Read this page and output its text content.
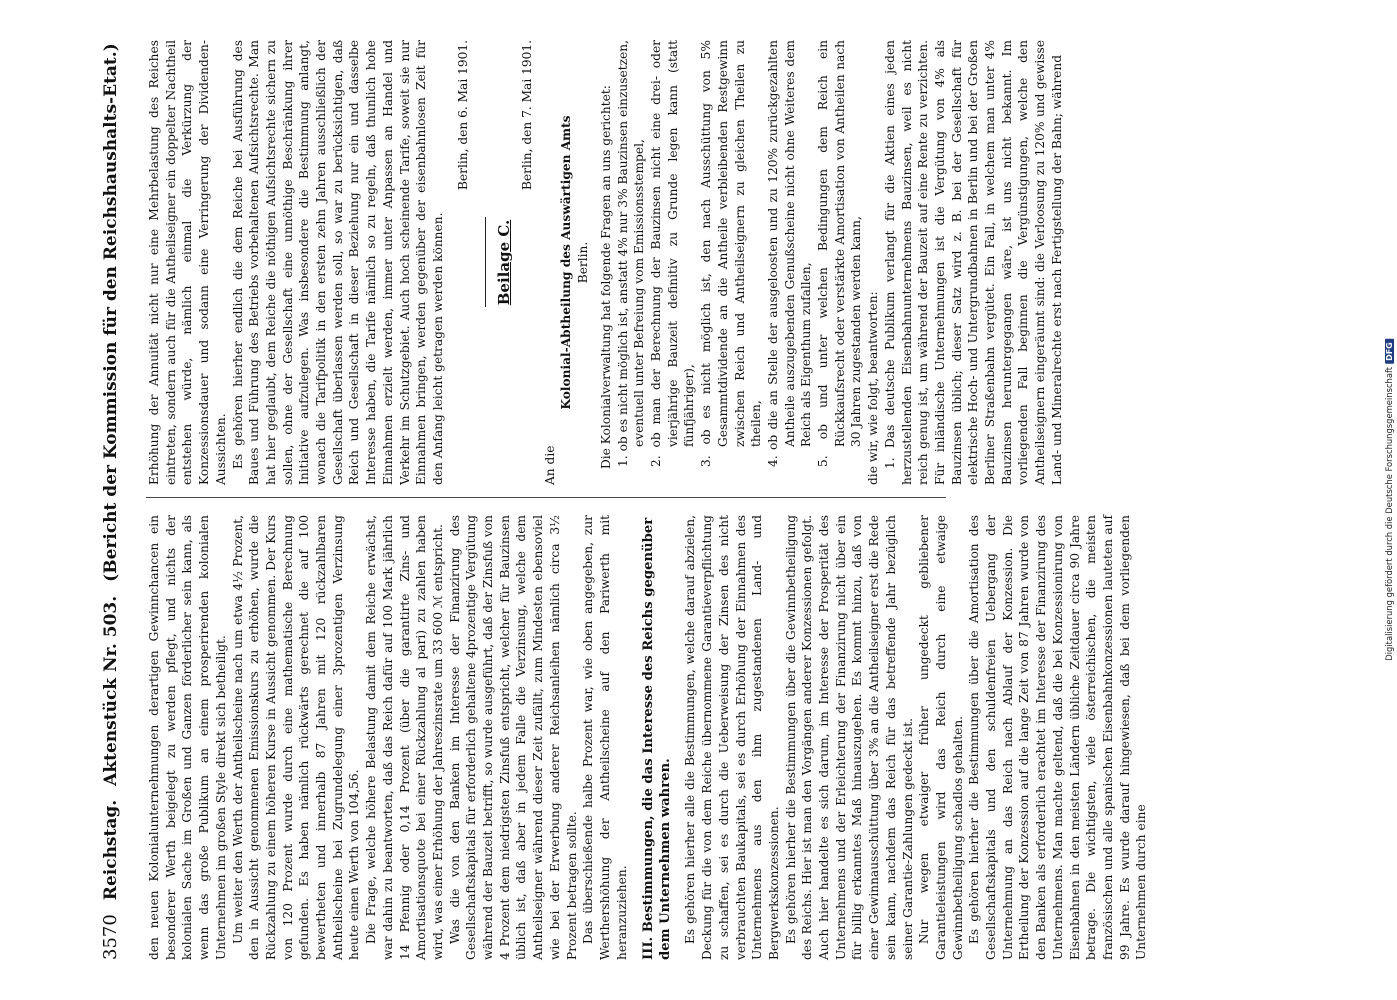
3570
Reichstag.
Aktenstück Nr. 503.
(Bericht der Kommission für den Reichshaushalts-Etat.)

den neuen Kolonialunternehmungen derartigen Gewinnchancen ein besonderer Werth beigelegt zu werden pflegt, und nichts der kolonialen Sache im Großen und Ganzen förderlicher sein kann, als wenn das große Publikum an einem prosperirenden kolonialen Unternehmen im großen Style direkt sich betheiligt. Um weiter den Werth der Antheilscheine nach um etwa 4½ Prozent, den in Aussicht genommenen Emissionskurs zu erhöhen, wurde die Rückzahlung zu einem höheren Kurse in Aussicht genommen. Der Kurs von 120 Prozent wurde durch eine mathematische Berechnung gefunden. Es haben nämlich rückwärts gerechnet die auf 100 bewertheten und innerhalb 87 Jahren mit 120 rückzahlbaren Antheilscheine bei Zugrundelegung einer 3prozentigen Verzinsung heute einen Werth von 104,56. Die Frage, welche höhere Belastung damit dem Reiche erwächst, war dahin zu beantworten, daß das Reich dafür auf 100 Mark jährlich 14 Pfennig oder 0,14 Prozent (über die garantirte Zins- und Amortisationsquote bei einer Rückzahlung al pari) zu zahlen haben wird, was einer Erhöhung der Jahreszinsrate um 33 600 ℳ entspricht. Was die von den Banken im Interesse der Finanzirung des Gesellschaftskapitals für erforderlich gehaltene 4prozentige Vergütung während der Bauzeit betrifft, so wurde ausgeführt, daß der Zinsfuß von 4 Prozent dem niedrigsten Zinsfuß entspricht, welcher für Bauzinsen üblich ist, daß aber in jedem Falle die Verzinsung, welche dem Antheilseigner während dieser Zeit zufällt, zum Mindesten ebensoviel wie bei der Erwerbung anderer Reichsanleihen nämlich circa 3½ Prozent betragen sollte. Das überschießende halbe Prozent war, wie oben angegeben, zur Werthershöhung der Antheilscheine auf den Pariwerth mit heranzuziehen. III. Bestimmungen, die das Interesse des Reichs gegenüber dem Unternehmen wahren. Es gehören hierher alle die Bestimmungen, welche darauf abzielen, Deckung für die von dem Reiche übernommene Garantieverpflichtung zu schaffen, sei es durch die Ueberweisung der Zinsen des nicht verbrauchten Baukapitals, sei es durch Erhöhung der Einnahmen des Unternehmens aus den ihm zugestandenen Land- und Bergwerkskonzessionen. Es gehören hierher die Bestimmungen über die Gewinnbetheiligung des Reichs. Hier ist man den Vorgängen anderer Konzessionen gefolgt. Auch hier handelte es sich darum, im Interesse der Prosperität des Unternehmens und der Erleichterung der Finanzirung nicht über ein für billig erkanntes Maß hinauszugehen. Es kommt hinzu, daß von einer Gewinnausschüttung über 3% an die Antheilseigner erst die Rede sein kann, nachdem das Reich für das betreffende Jahr bezüglich seiner Garantie-Zahlungen gedeckt ist. Nur wegen etwaiger früher ungedeckt gebliebener Garantieleistungen wird das Reich durch eine etwaige Gewinnbetheiligung schadlos gehalten. Es gehören hierher die Bestimmungen über die Amortisation des Gesellschaftskapitals und den schuldenfreien Uebergang der Unternehmung an das Reich nach Ablauf der Konzession. Die Ertheilung der Konzession auf die lange Zeit von 87 Jahren wurde von den Banken als erforderlich erachtet im Interesse der Finanzirung des Unternehmens. Man machte geltend, daß die bei Konzessionirung von Eisenbahnen in den meisten Ländern übliche Zeitdauer circa 90 Jahre betrage. Die wichtigsten, viele österreichischen, die meisten französischen und alle spanischen Eisenbahnkonzessionen lauteten auf 99 Jahre. Es wurde darauf hingewiesen, daß bei dem vorliegenden Unternehmen durch eine

Erhöhung der Annuität nicht nur eine Mehrbelastung des Reiches eintreten, sondern auch für die Antheilseigner ein doppelter Nachtheil entstehen würde, nämlich einmal die Verkürzung der Konzessionsdauer und sodann eine Verringerung der Dividenden-Aussichten. Es gehören hierher endlich die dem Reiche bei Ausführung des Baues und Führung des Betriebs vorbehaltenen Aufsichtsrechte. Man hat hier geglaubt, dem Reiche die nöthigen Aufsichtsrechte sichern zu sollen, ohne der Gesellschaft eine unnöthige Beschränkung ihrer Initiative aufzulegen. Was insbesondere die Bestimmung anlangt, wonach die Tarifpolitik in den ersten zehn Jahren ausschließlich der Gesellschaft überlassen werden soll, so war zu berücksichtigen, daß Reich und Gesellschaft in dieser Beziehung nur ein und dasselbe Interesse haben, die Tarife nämlich so zu regeln, daß thunlich hohe Einnahmen erzielt werden, immer unter Anpassen an Handel und Verkehr im Schutzgebiet. Auch hoch scheinende Tarife, soweit sie nur Einnahmen bringen, werden gegenüber der eisenbahnlosen Zeit für den Anfang leicht getragen werden können.

Berlin, den 6. Mai 1901.

Beilage C.

Berlin, den 7. Mai 1901.

An die

Kolonial-Abtheilung des Auswärtigen Amts Berlin. Die Kolonialverwaltung hat folgende Fragen an uns gerichtet: 1. ob es nicht möglich ist, anstatt 4% nur 3% Bauzinsen einzusetzen, eventuell unter Befreiung vom Emissionsstempel, 2. ob man der Berechnung der Bauzinsen nicht eine drei- oder vierjährige Bauzeit definitiv zu Grunde legen kann (statt fünfjähriger), 3. ob es nicht möglich ist, den nach Ausschüttung von 5% Gesammtdividende an die Antheile verbleibenden Restgewinn zwischen Reich und Antheilseignern zu gleichen Theilen zu theilen, 4. ob die an Stelle der ausgeloosten und zu 120% zurückgezahlten Antheile auszugebenden Genußscheine nicht ohne Weiteres dem Reich als Eigenthum zufallen, 5. ob und unter welchen Bedingungen dem Reich ein Rückkaufsrecht oder verstärkte Amortisation von Antheilen nach 30 Jahren zugestanden werden kann, die wir, wie folgt, beantworten: 1. Das deutsche Publikum verlangt für die Aktien eines jeden herzustellenden Eisenbahnunternehmens Bauzinsen, weil es nicht reich genug ist, um während der Bauzeit auf eine Rente zu verzichten. Für inländische Unternehmungen ist die Vergütung von 4% als Bauzinsen üblich; dieser Satz wird z. B. bei der Gesellschaft für elektrische Hoch- und Untergrundbahnen in Berlin und bei der Großen Berliner Straßenbahn vergütet. Ein Fall, in welchem man unter 4% Bauzinsen heruntergegangen wäre, ist uns nicht bekannt. Im vorliegenden Fall beginnen die Vergünstigungen, welche den Antheilseignern eingeräumt sind: die Verloosung zu 120% und gewisse Land- und Mineralrechte erst nach Fertigstellung der Bahn; während

Digitalisierung gefördert durch die Deutsche Forschungsgemeinschaft
DFG
